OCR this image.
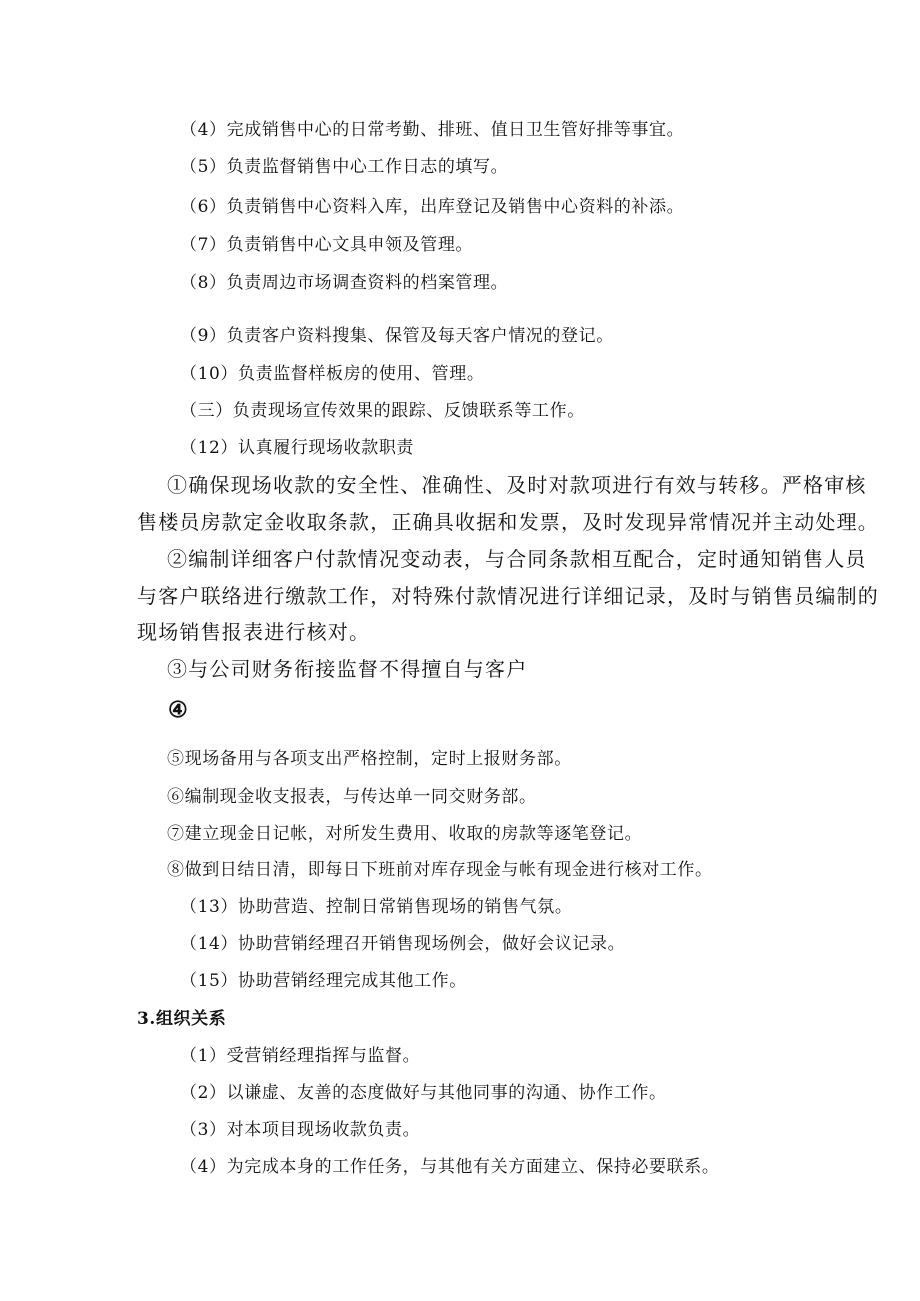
（4）完成销售中心的日常考勤、排班、值日卫生管好排等事宜。
（5）负责监督销售中心工作日志的填写。
（6）负责销售中心资料入库，出库登记及销售中心资料的补添。
（7）负责销售中心文具申领及管理。
（8）负责周边市场调查资料的档案管理。
（9）负责客户资料搜集、保管及每天客户情况的登记。
（10）负责监督样板房的使用、管理。
（三）负责现场宣传效果的跟踪、反馈联系等工作。
（12）认真履行现场收款职责
①确保现场收款的安全性、准确性、及时对款项进行有效与转移。严格审核
售楼员房款定金收取条款，正确具收据和发票，及时发现异常情况并主动处理。
②编制详细客户付款情况变动表，与合同条款相互配合，定时通知销售人员
与客户联络进行缴款工作，对特殊付款情况进行详细记录，及时与销售员编制的
现场销售报表进行核对。
③与公司财务衔接监督不得擅自与客户
④
⑤现场备用与各项支出严格控制，定时上报财务部。
⑥编制现金收支报表，与传达单一同交财务部。
⑦建立现金日记帐，对所发生费用、收取的房款等逐笔登记。
⑧做到日结日清，即每日下班前对库存现金与帐有现金进行核对工作。
（13）协助营造、控制日常销售现场的销售气氛。
（14）协助营销经理召开销售现场例会，做好会议记录。
（15）协助营销经理完成其他工作。
3.组织关系
（1）受营销经理指挥与监督。
（2）以谦虚、友善的态度做好与其他同事的沟通、协作工作。
（3）对本项目现场收款负责。
（4）为完成本身的工作任务，与其他有关方面建立、保持必要联系。
